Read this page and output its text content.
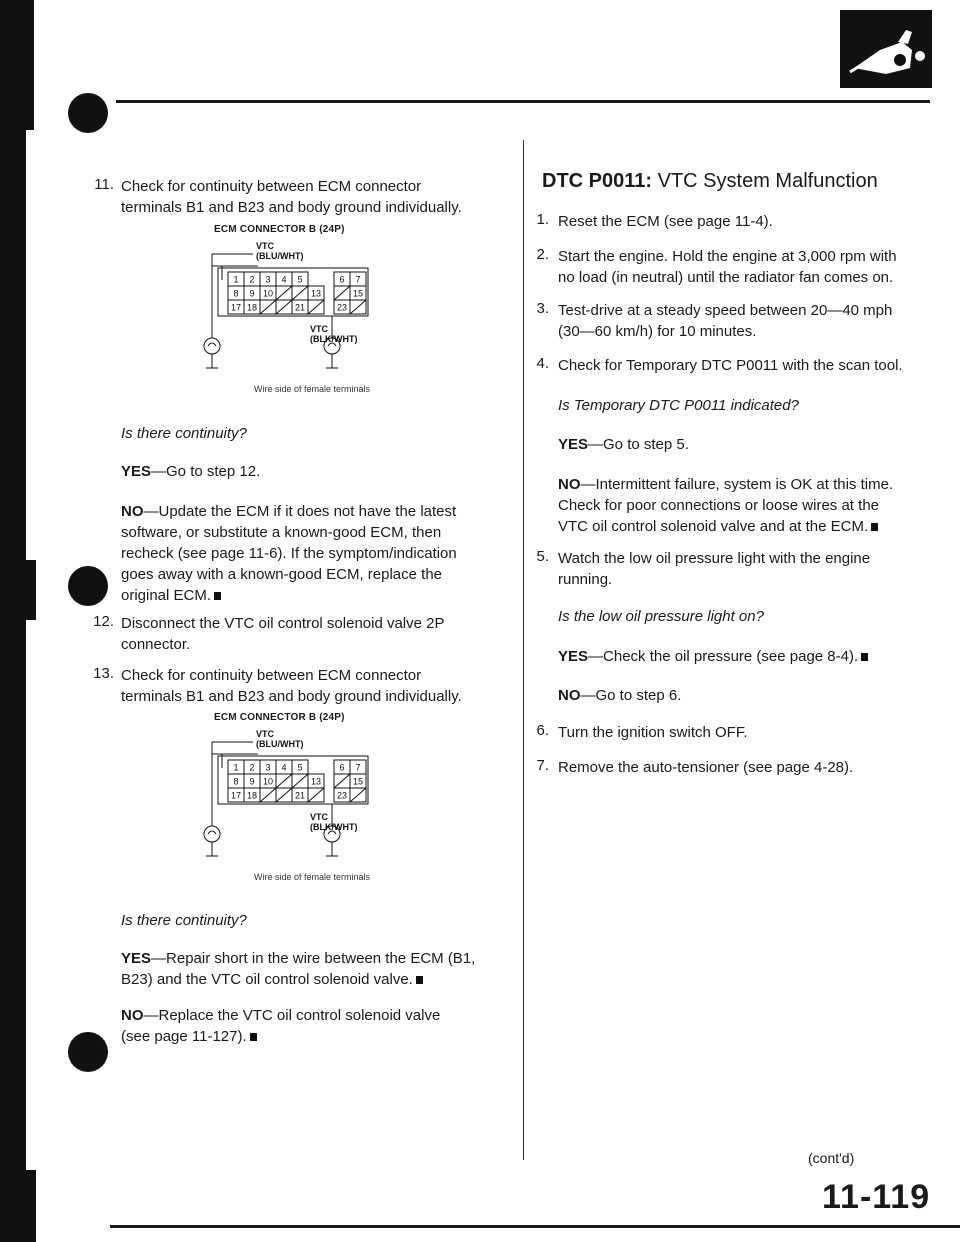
11. Check for continuity between ECM connector
terminals B1 and B23 and body ground individually.
ECM CONNECTOR B (24P)
VTC
(BLU/WHT)
1 2 3 4 5	6 7
8 9 10	13	15
17 18	21	23
VTC
(BLK/WHT)
Wire side of female terminals
Is there continuity?
YES—Go to step 12.
NO—Update the ECM if it does not have the latest
software, or substitute a known-good ECM, then
recheck (see page 11-6). If the symptom/indication
goes away with a known-good ECM, replace the
original ECM.
12. Disconnect the VTC oil control solenoid valve 2P
connector.
13. Check for continuity between ECM connector
terminals B1 and B23 and body ground individually.
ECM CONNECTOR B (24P)
VTC
(BLU/WHT)
1 2 3 4 5	6 7
8 9 10	13	15
17 18	21	23
VTC
(BLK/WHT)
Wire side of female terminals
Is there continuity?
YES—Repair short in the wire between the ECM (B1,
B23) and the VTC oil control solenoid valve.
NO—Replace the VTC oil control solenoid valve
(see page 11-127).
DTC P0011: VTC System Malfunction
1. Reset the ECM (see page 11-4).
2. Start the engine. Hold the engine at 3,000 rpm with
no load (in neutral) until the radiator fan comes on.
3. Test-drive at a steady speed between 20—40 mph
(30—60 km/h) for 10 minutes.
4. Check for Temporary DTC P0011 with the scan tool.
Is Temporary DTC P0011 indicated?
YES—Go to step 5.
NO—Intermittent failure, system is OK at this time.
Check for poor connections or loose wires at the
VTC oil control solenoid valve and at the ECM.
5. Watch the low oil pressure light with the engine
running.
Is the low oil pressure light on?
YES—Check the oil pressure (see page 8-4).
NO—Go to step 6.
6. Turn the ignition switch OFF.
7. Remove the auto-tensioner (see page 4-28).
(cont'd)
11-119
